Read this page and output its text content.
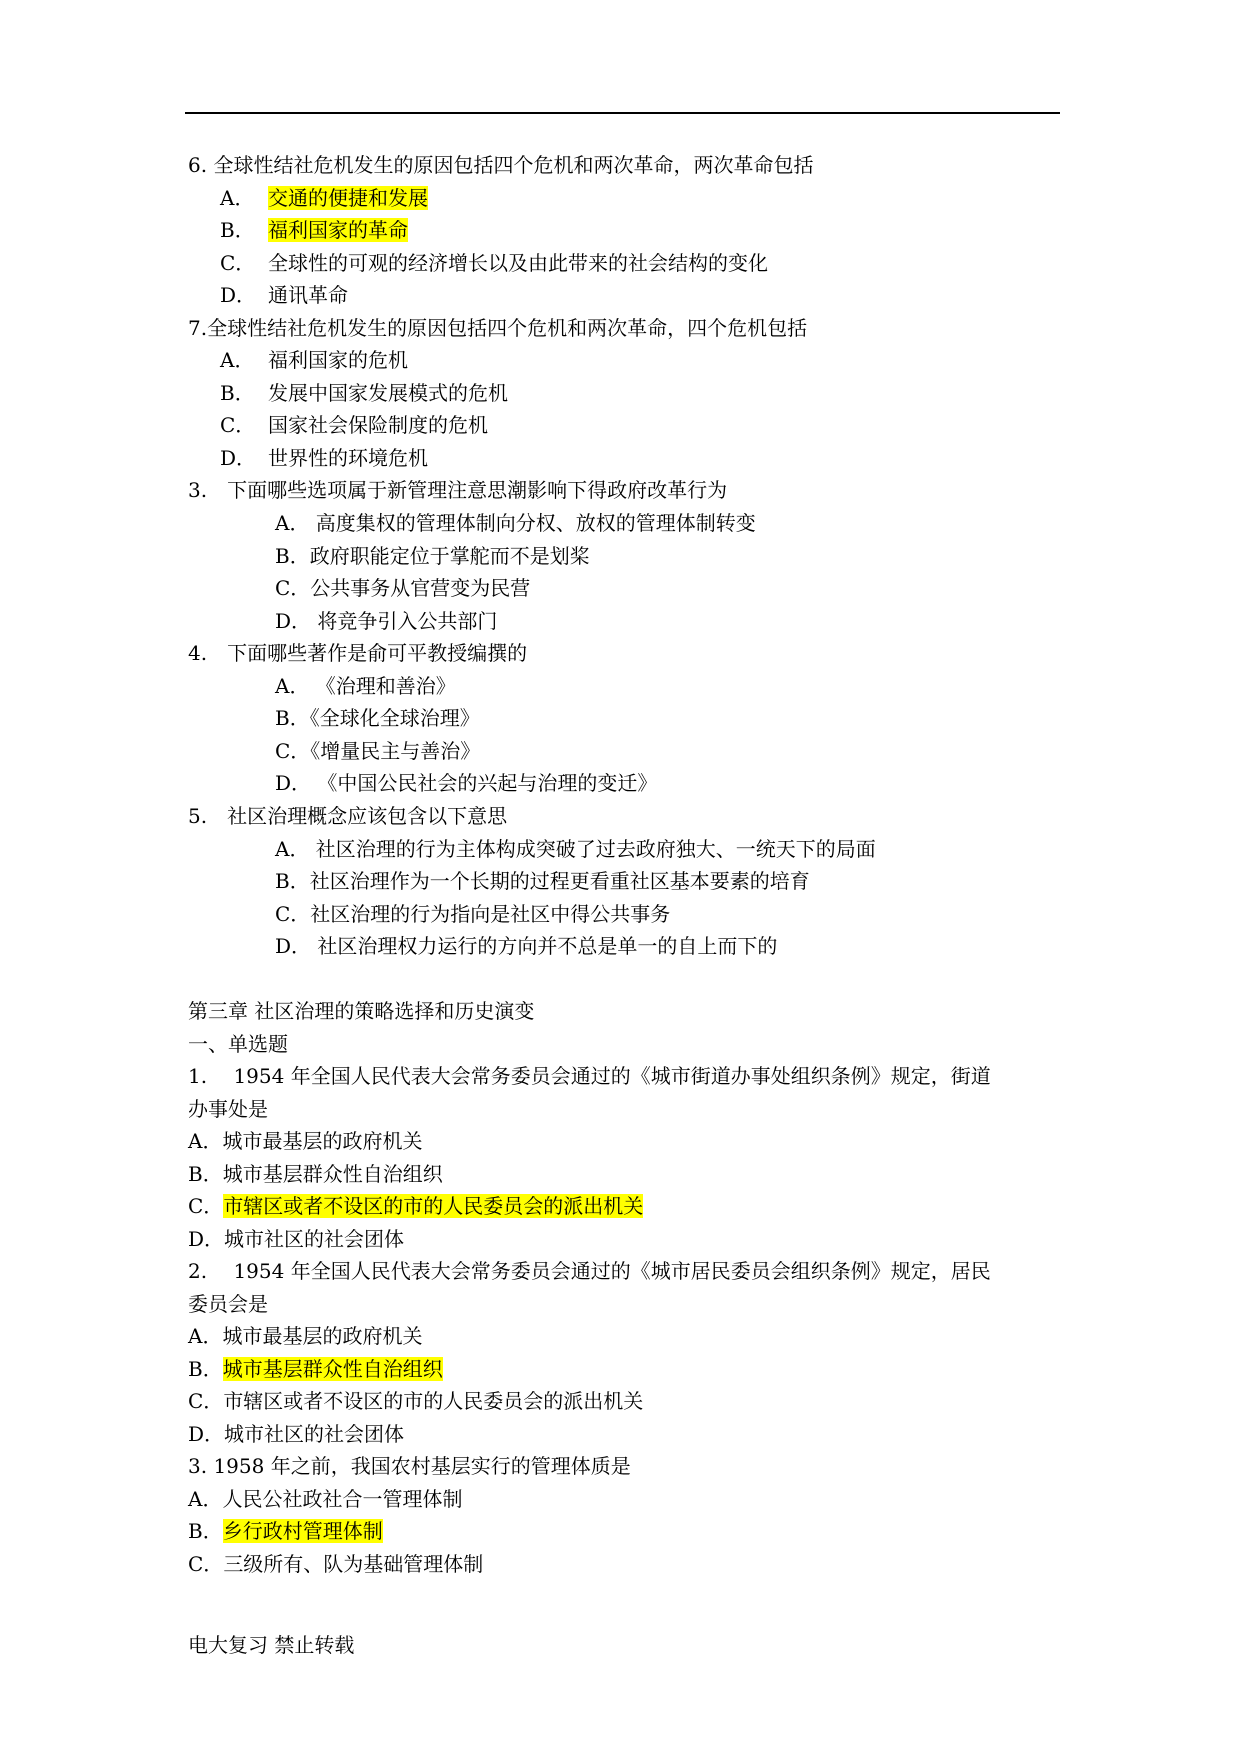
6. 全球性结社危机发生的原因包括四个危机和两次革命，两次革命包括
A． 交通的便捷和发展
B． 福利国家的革命
C． 全球性的可观的经济增长以及由此带来的社会结构的变化
D． 通讯革命
7.全球性结社危机发生的原因包括四个危机和两次革命，四个危机包括
A． 福利国家的危机
B． 发展中国家发展模式的危机
C． 国家社会保险制度的危机
D． 世界性的环境危机
3.　下面哪些选项属于新管理注意思潮影响下得政府改革行为
A． 高度集权的管理体制向分权、放权的管理体制转变
B．政府职能定位于掌舵而不是划桨
C．公共事务从官营变为民营
D． 将竞争引入公共部门
4.　下面哪些著作是俞可平教授编撰的
A． 《治理和善治》
B．《全球化全球治理》
C．《增量民主与善治》
D． 《中国公民社会的兴起与治理的变迁》
5.　社区治理概念应该包含以下意思
A． 社区治理的行为主体构成突破了过去政府独大、一统天下的局面
B．社区治理作为一个长期的过程更看重社区基本要素的培育
C．社区治理的行为指向是社区中得公共事务
D． 社区治理权力运行的方向并不总是单一的自上而下的
第三章 社区治理的策略选择和历史演变
一、单选题
1.　 1954 年全国人民代表大会常务委员会通过的《城市街道办事处组织条例》规定，街道
办事处是
A．城市最基层的政府机关
B．城市基层群众性自治组织
C．市辖区或者不设区的市的人民委员会的派出机关
D．城市社区的社会团体
2.　 1954 年全国人民代表大会常务委员会通过的《城市居民委员会组织条例》规定，居民
委员会是
A．城市最基层的政府机关
B．城市基层群众性自治组织
C．市辖区或者不设区的市的人民委员会的派出机关
D．城市社区的社会团体
3. 1958 年之前，我国农村基层实行的管理体质是
A．人民公社政社合一管理体制
B．乡行政村管理体制
C．三级所有、队为基础管理体制
电大复习 禁止转载
